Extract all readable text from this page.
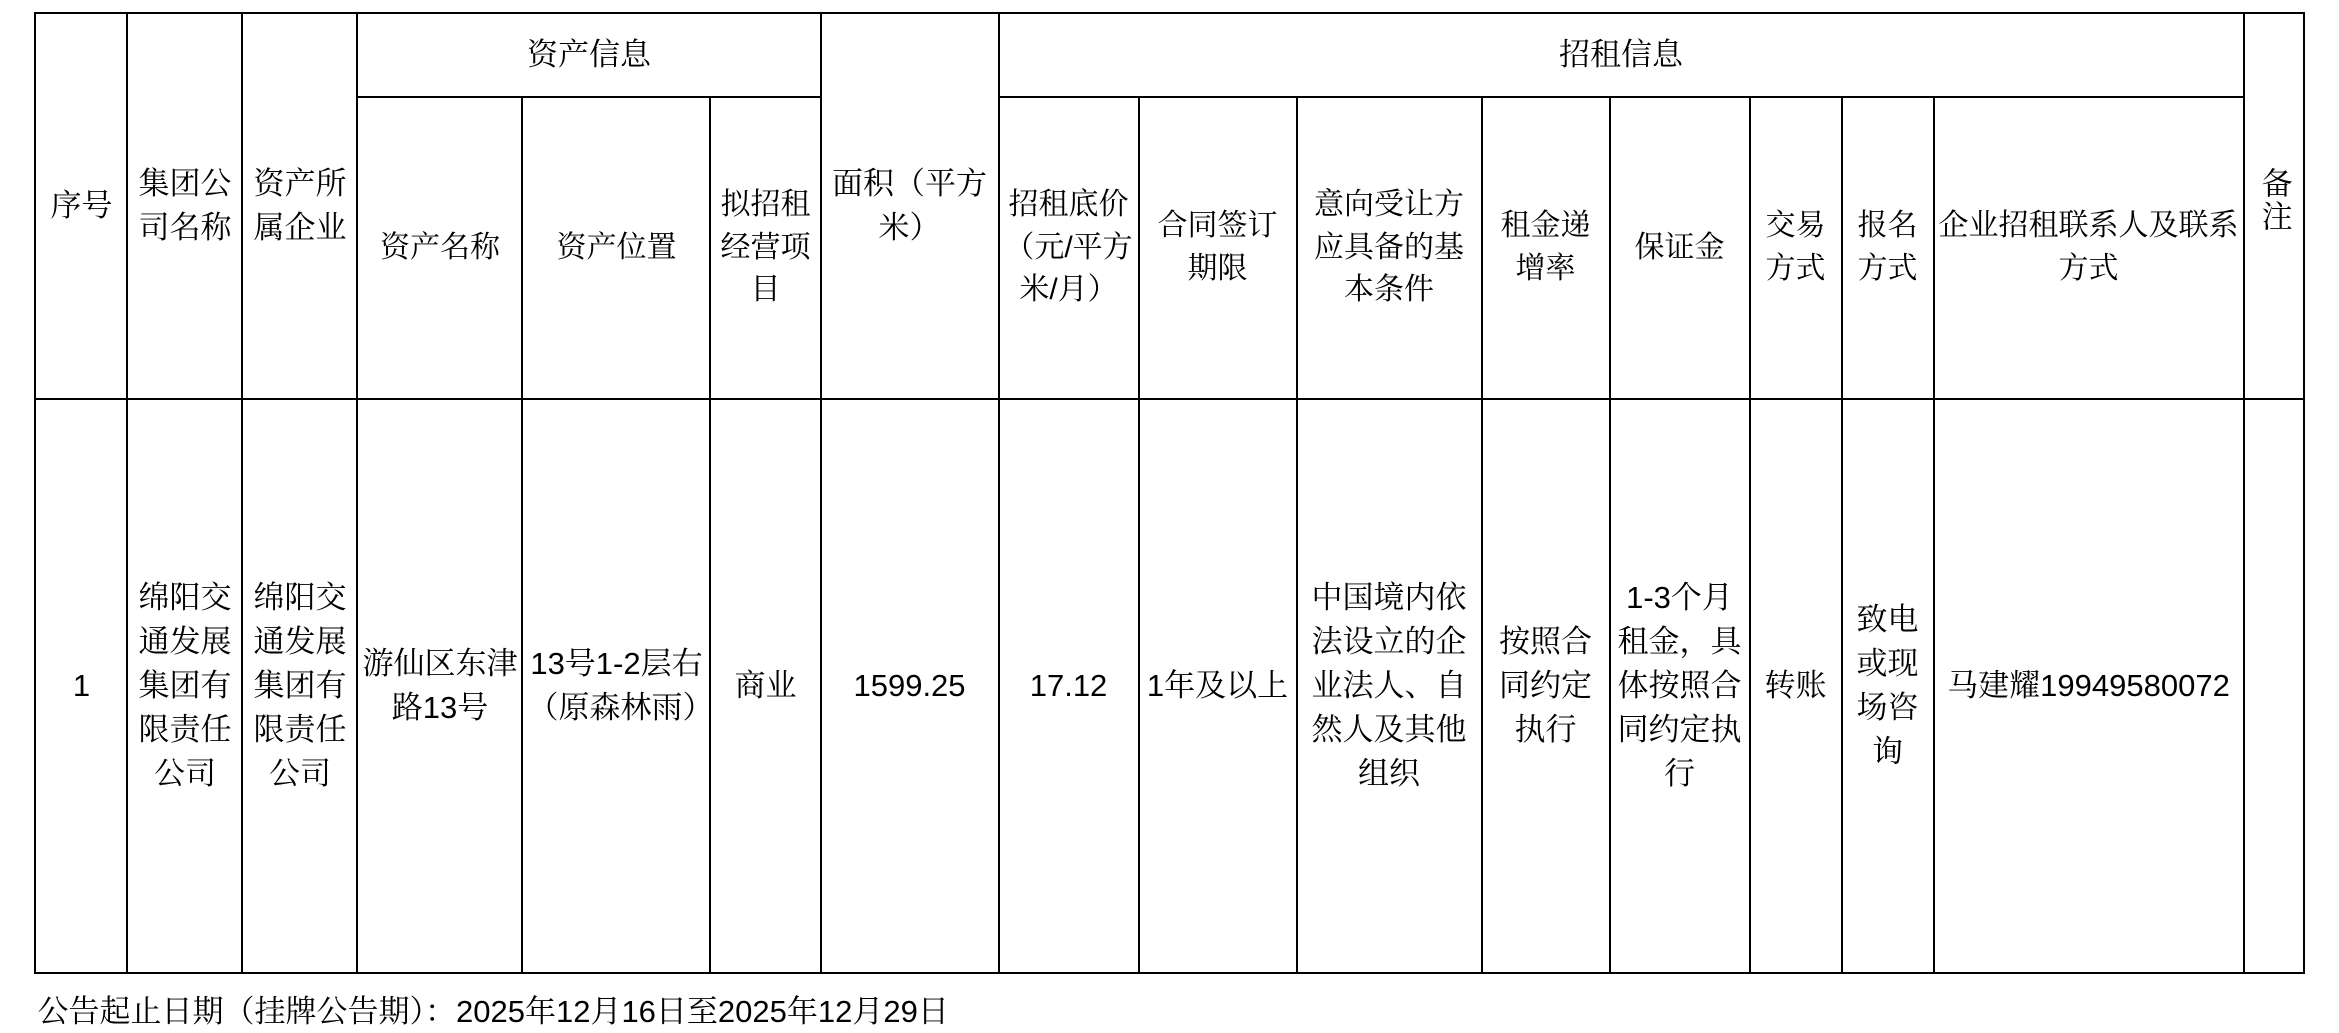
序号	集团公司名称	资产所属企业	资产信息			面积（平方米）	招租信息								备注
			资产名称	资产位置	拟招租经营项目		招租底价（元/平方米/月）	合同签订期限	意向受让方应具备的基本条件	租金递增率	保证金	交易方式	报名方式	企业招租联系人及联系方式	
1	绵阳交通发展集团有限责任公司	绵阳交通发展集团有限责任公司	游仙区东津路13号	13号1-2层右（原森林雨）	商业	1599.25	17.12	1年及以上	中国境内依法设立的企业法人、自然人及其他组织	按照合同约定执行	1-3个月租金，具体按照合同约定执行	转账	致电或现场咨询	马建耀19949580072	
公告起止日期（挂牌公告期）：2025年12月16日至2025年12月29日
